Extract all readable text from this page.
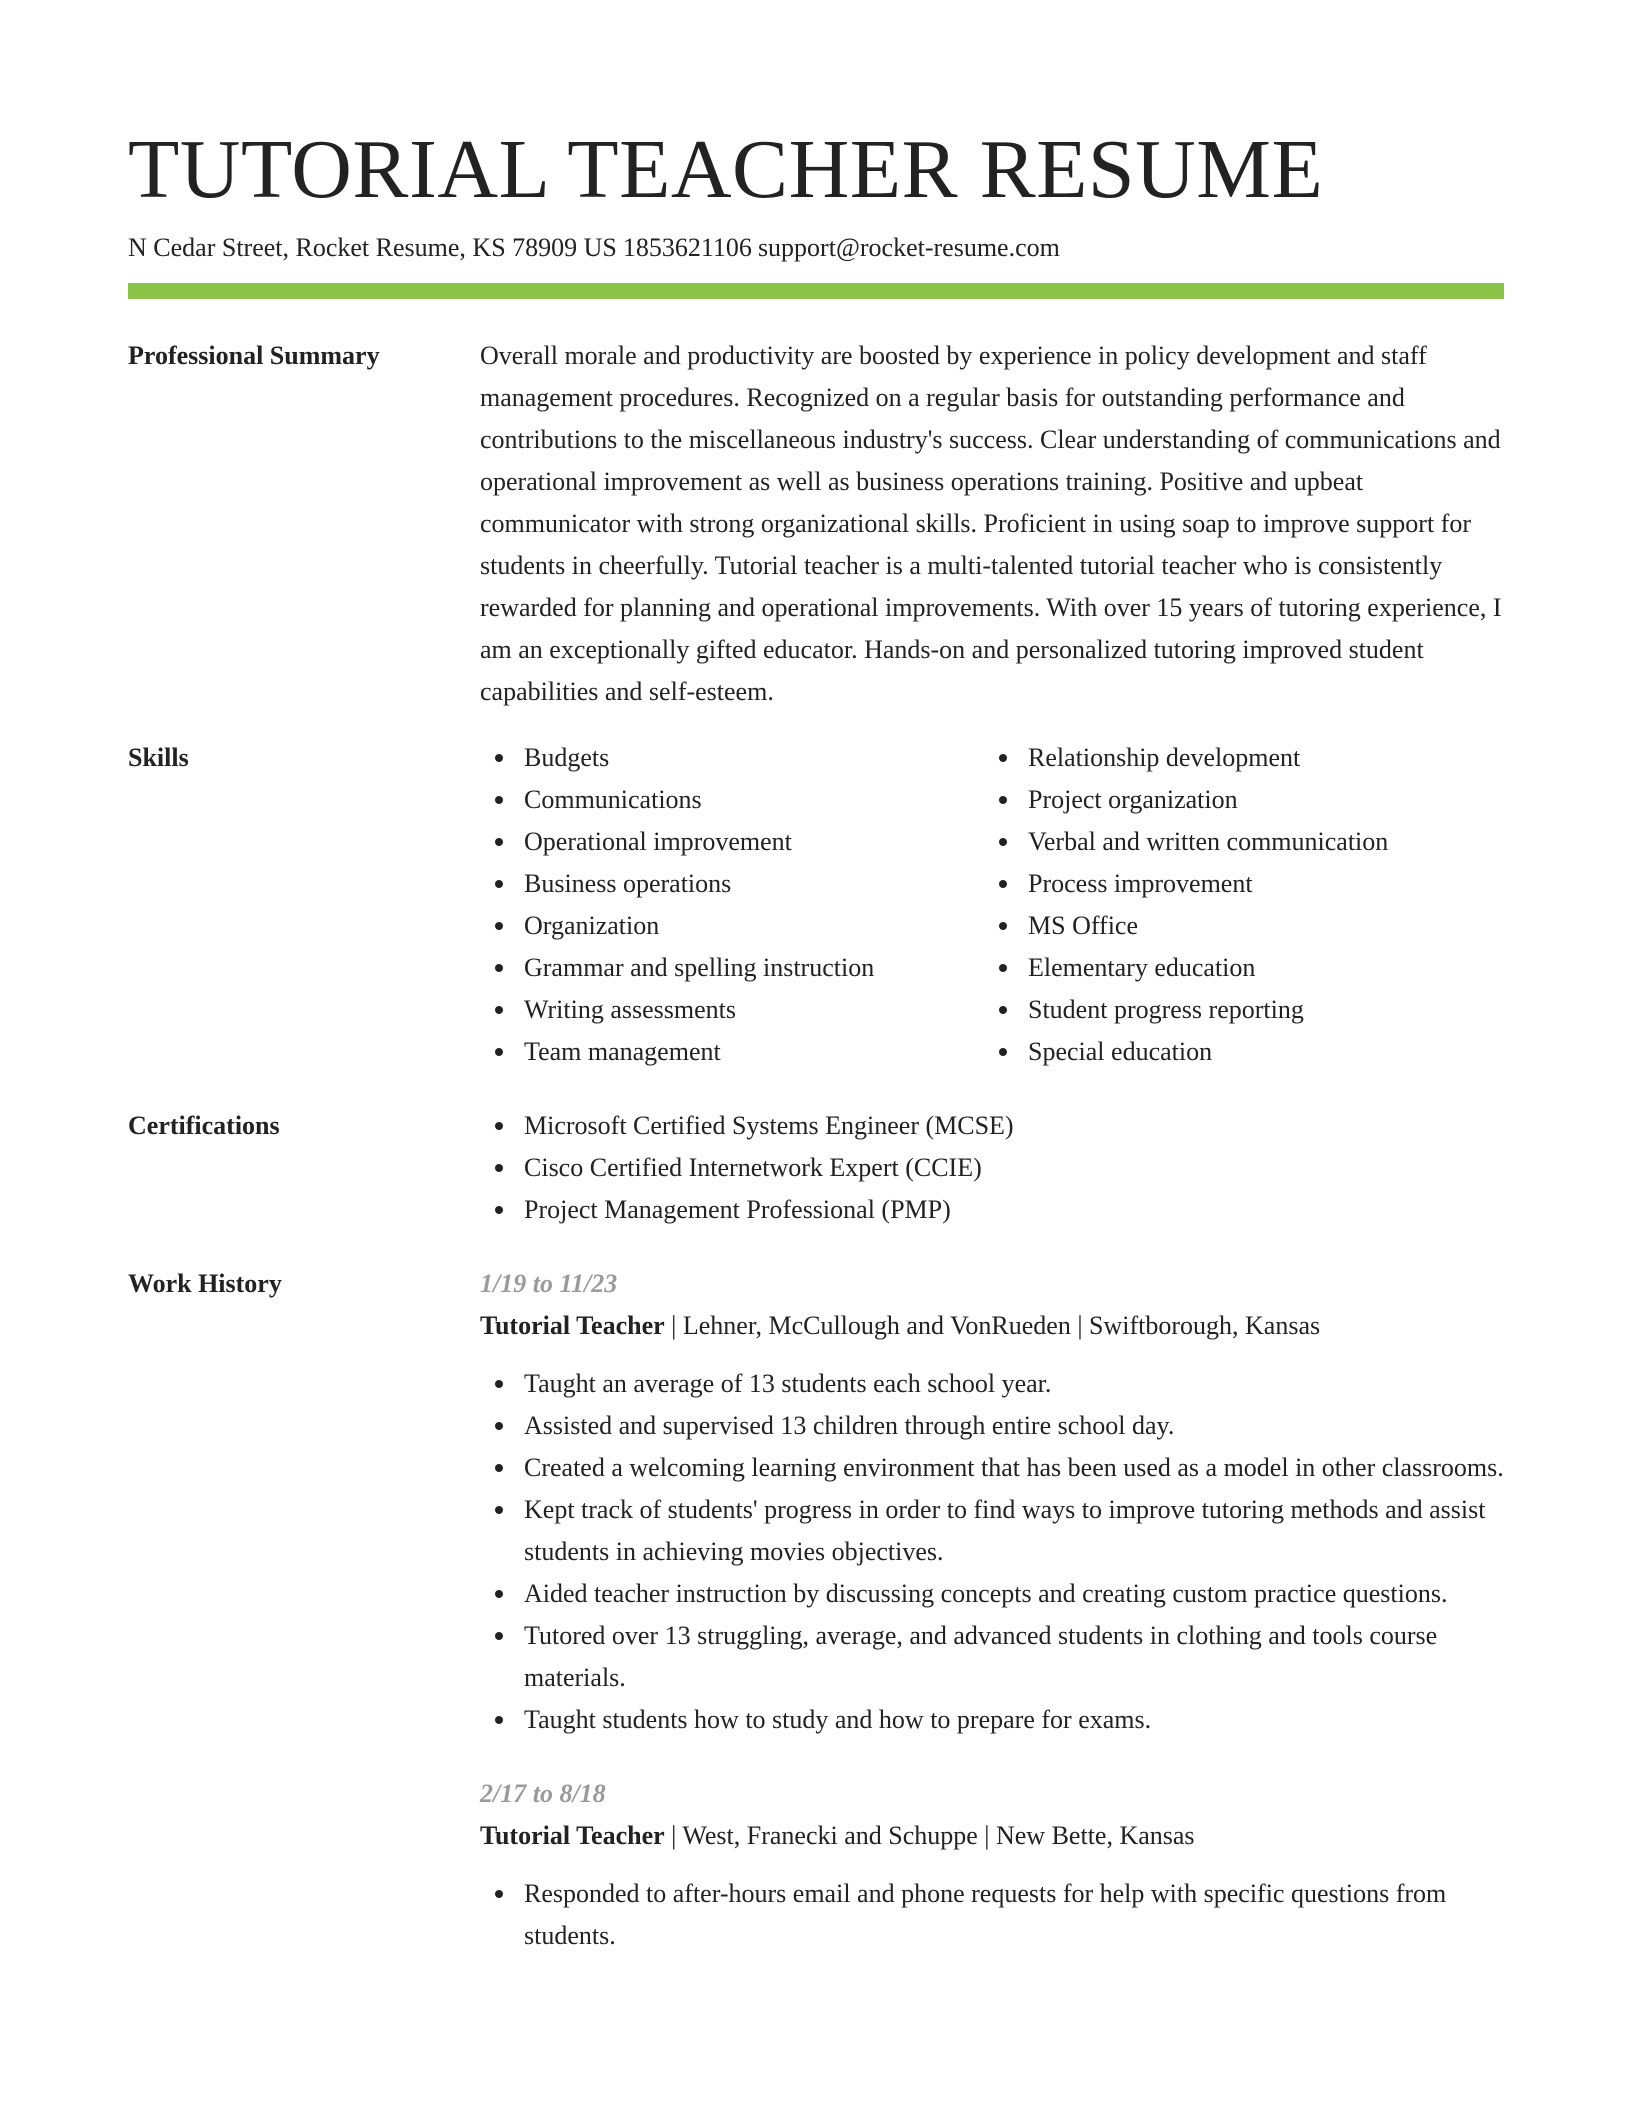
TUTORIAL TEACHER RESUME
N Cedar Street, Rocket Resume, KS 78909 US 1853621106 support@rocket-resume.com
Professional Summary	Overall morale and productivity are boosted by experience in policy development and staff management procedures. Recognized on a regular basis for outstanding performance and contributions to the miscellaneous industry's success. Clear understanding of communications and operational improvement as well as business operations training. Positive and upbeat communicator with strong organizational skills. Proficient in using soap to improve support for students in cheerfully. Tutorial teacher is a multi-talented tutorial teacher who is consistently rewarded for planning and operational improvements. With over 15 years of tutoring experience, I am an exceptionally gifted educator. Hands-on and personalized tutoring improved student capabilities and self-esteem.

Skills	Budgets
Communications
Operational improvement
Business operations
Organization
Grammar and spelling instruction
Writing assessments
Team management
Relationship development
Project organization
Verbal and written communication
Process improvement
MS Office
Elementary education
Student progress reporting
Special education
Certifications	Microsoft Certified Systems Engineer (MCSE)
Cisco Certified Internetwork Expert (CCIE)
Project Management Professional (PMP)
Work History	1/19 to 11/23
Tutorial Teacher | Lehner, McCullough and VonRueden | Swiftborough, Kansas
Taught an average of 13 students each school year.
Assisted and supervised 13 children through entire school day.
Created a welcoming learning environment that has been used as a model in other classrooms.
Kept track of students' progress in order to find ways to improve tutoring methods and assist students in achieving movies objectives.
Aided teacher instruction by discussing concepts and creating custom practice questions.
Tutored over 13 struggling, average, and advanced students in clothing and tools course materials.
Taught students how to study and how to prepare for exams.
2/17 to 8/18
Tutorial Teacher | West, Franecki and Schuppe | New Bette, Kansas
Responded to after-hours email and phone requests for help with specific questions from students.
